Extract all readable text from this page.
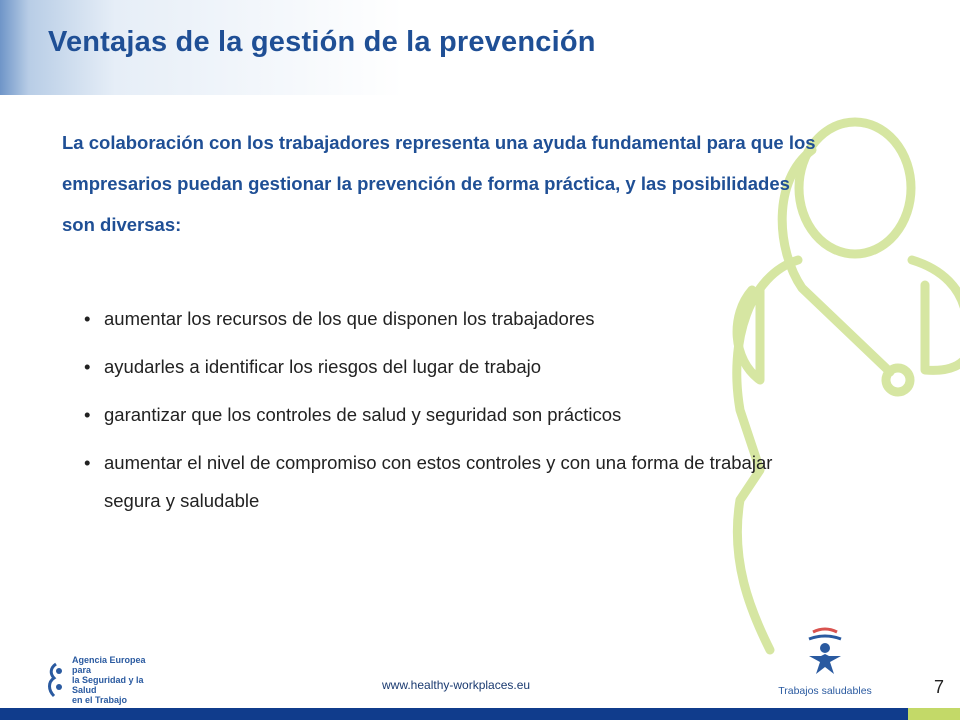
Ventajas de la gestión de la prevención

La colaboración con los trabajadores representa una ayuda fundamental para que los empresarios puedan gestionar la prevención de forma práctica, y las posibilidades son diversas:

• aumentar los recursos de los que disponen los trabajadores
• ayudarles a identificar los riesgos del lugar de trabajo
• garantizar que los controles de salud y seguridad son prácticos
• aumentar el nivel de compromiso con estos controles y con una forma de trabajar segura y saludable
Agencia Europea para
la Seguridad y la Salud
en el Trabajo
www.healthy-workplaces.eu	Trabajos saludables	7
